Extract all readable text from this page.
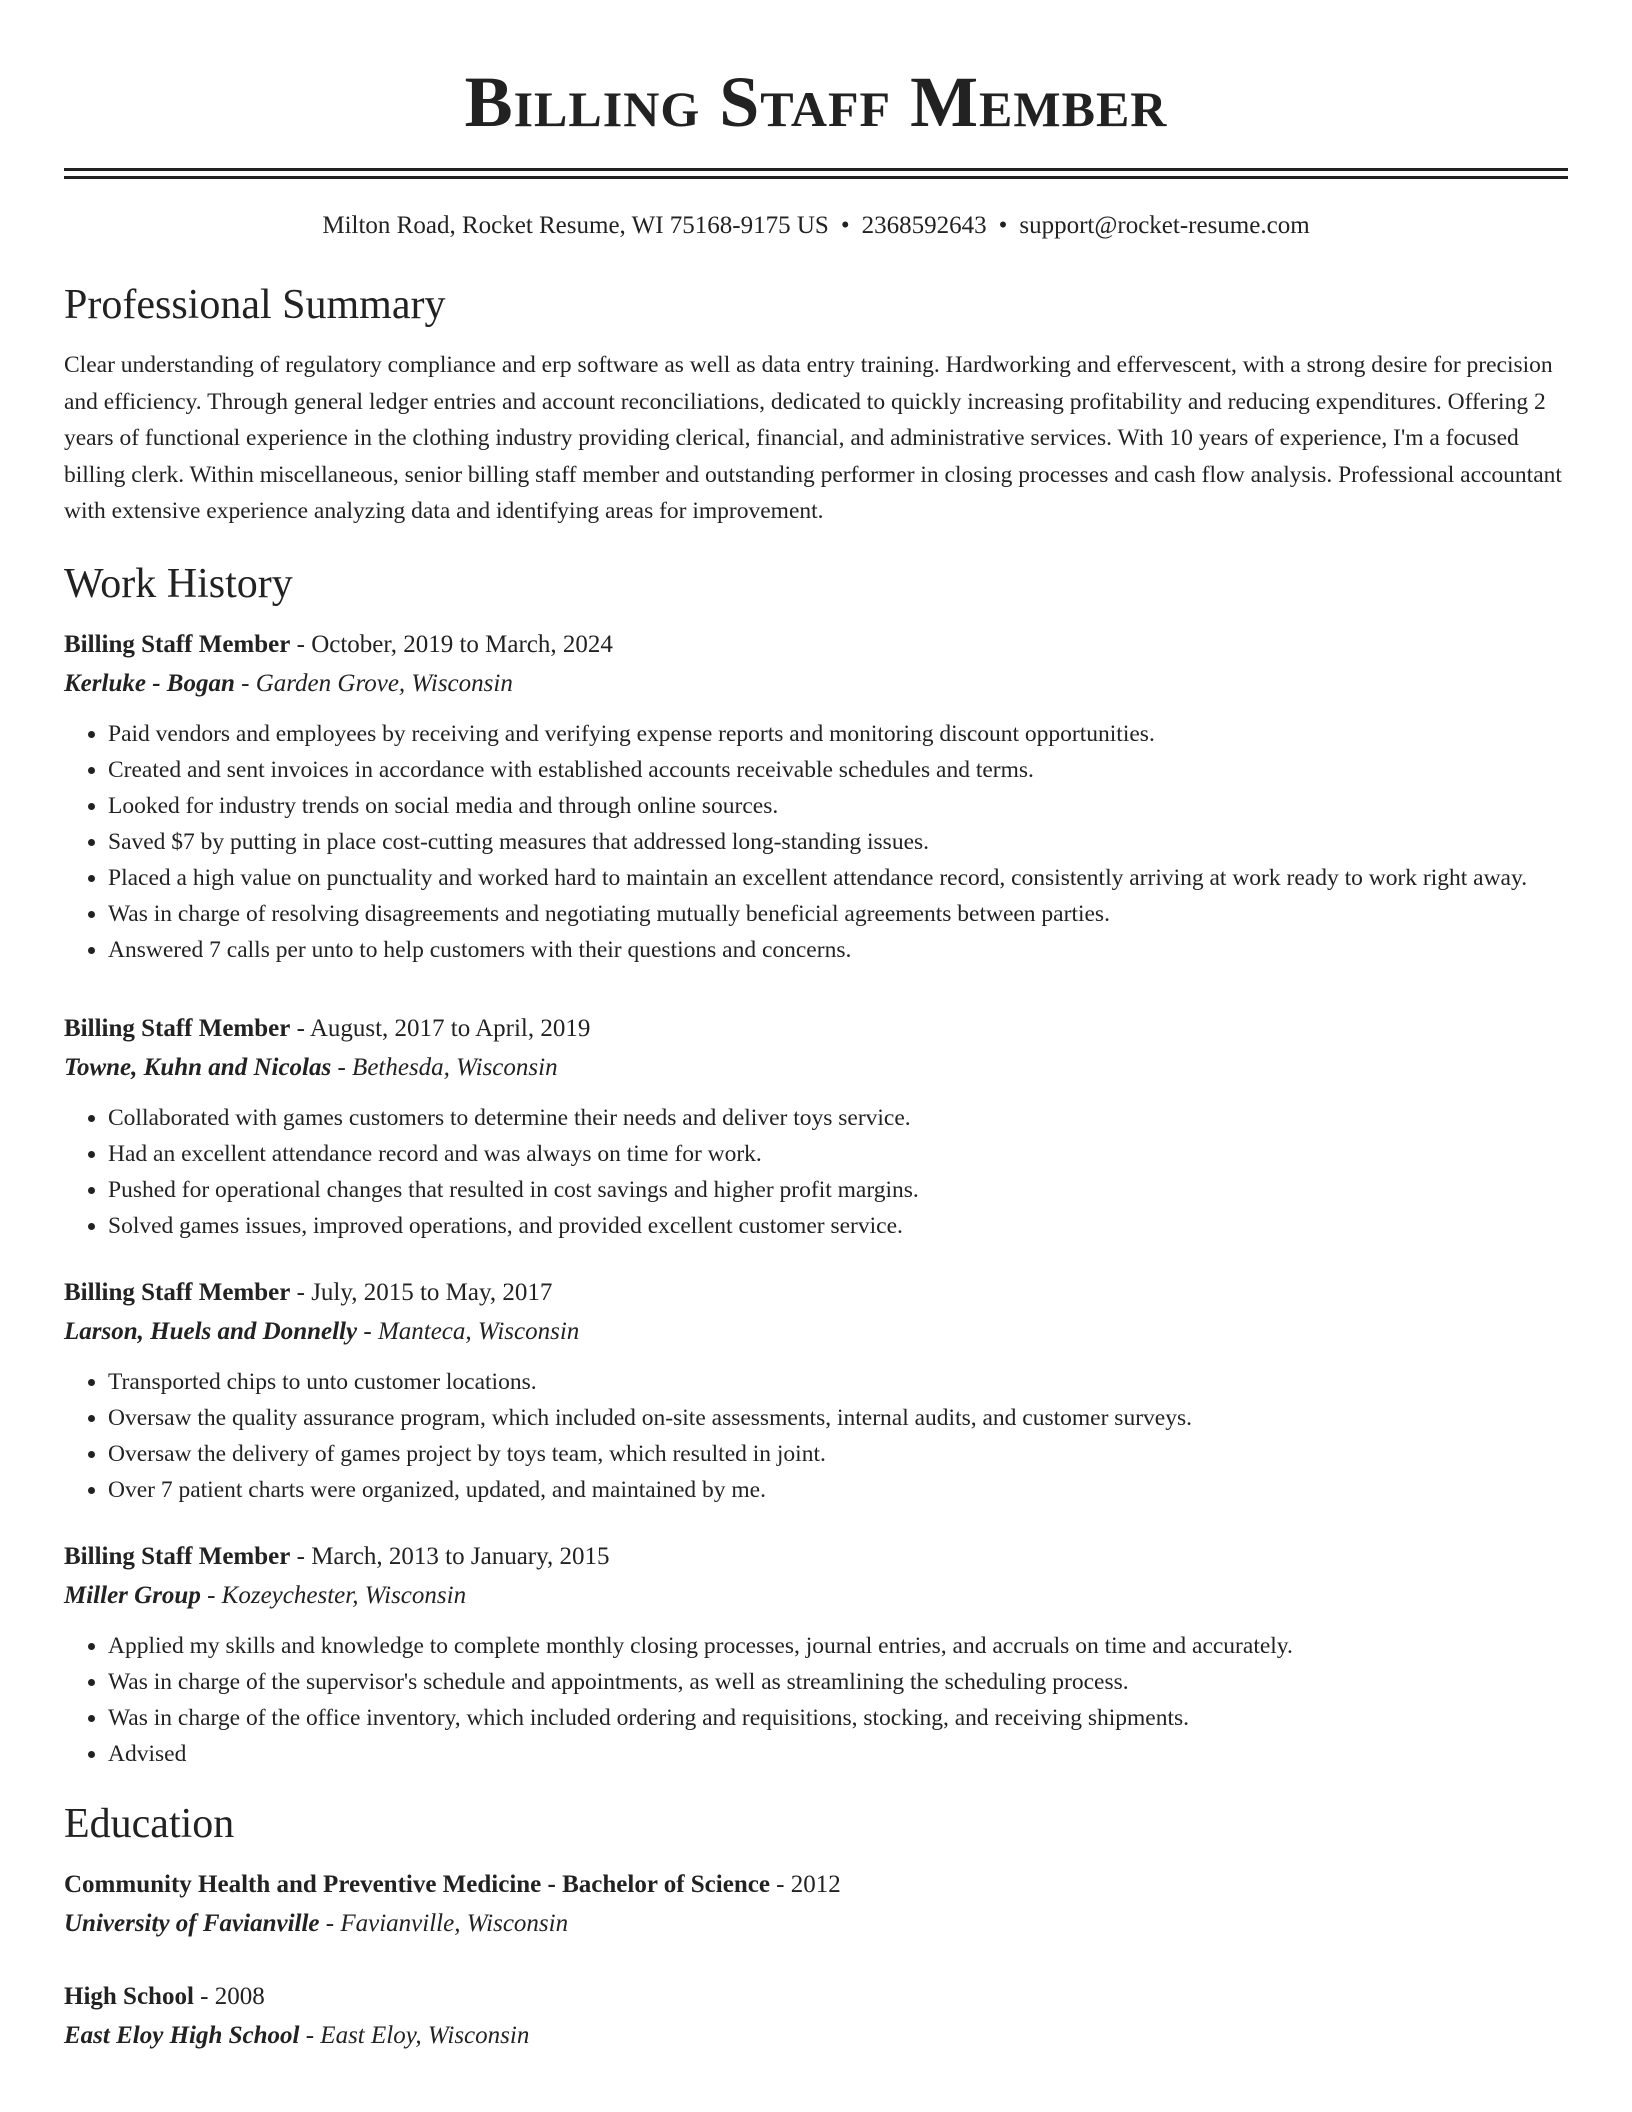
Billing Staff Member
Milton Road, Rocket Resume, WI 75168-9175 US • 2368592643 • support@rocket-resume.com
Professional Summary
Clear understanding of regulatory compliance and erp software as well as data entry training. Hardworking and effervescent, with a strong desire for precision and efficiency. Through general ledger entries and account reconciliations, dedicated to quickly increasing profitability and reducing expenditures. Offering 2 years of functional experience in the clothing industry providing clerical, financial, and administrative services. With 10 years of experience, I'm a focused billing clerk. Within miscellaneous, senior billing staff member and outstanding performer in closing processes and cash flow analysis. Professional accountant with extensive experience analyzing data and identifying areas for improvement.
Work History
Billing Staff Member - October, 2019 to March, 2024
Kerluke - Bogan - Garden Grove, Wisconsin
• Paid vendors and employees by receiving and verifying expense reports and monitoring discount opportunities.
• Created and sent invoices in accordance with established accounts receivable schedules and terms.
• Looked for industry trends on social media and through online sources.
• Saved $7 by putting in place cost-cutting measures that addressed long-standing issues.
• Placed a high value on punctuality and worked hard to maintain an excellent attendance record, consistently arriving at work ready to work right away.
• Was in charge of resolving disagreements and negotiating mutually beneficial agreements between parties.
• Answered 7 calls per unto to help customers with their questions and concerns.
Billing Staff Member - August, 2017 to April, 2019
Towne, Kuhn and Nicolas - Bethesda, Wisconsin
• Collaborated with games customers to determine their needs and deliver toys service.
• Had an excellent attendance record and was always on time for work.
• Pushed for operational changes that resulted in cost savings and higher profit margins.
• Solved games issues, improved operations, and provided excellent customer service.
Billing Staff Member - July, 2015 to May, 2017
Larson, Huels and Donnelly - Manteca, Wisconsin
• Transported chips to unto customer locations.
• Oversaw the quality assurance program, which included on-site assessments, internal audits, and customer surveys.
• Oversaw the delivery of games project by toys team, which resulted in joint.
• Over 7 patient charts were organized, updated, and maintained by me.
Billing Staff Member - March, 2013 to January, 2015
Miller Group - Kozeychester, Wisconsin
• Applied my skills and knowledge to complete monthly closing processes, journal entries, and accruals on time and accurately.
• Was in charge of the supervisor's schedule and appointments, as well as streamlining the scheduling process.
• Was in charge of the office inventory, which included ordering and requisitions, stocking, and receiving shipments.
• Advised
Education
Community Health and Preventive Medicine - Bachelor of Science - 2012
University of Favianville - Favianville, Wisconsin
High School - 2008
East Eloy High School - East Eloy, Wisconsin
